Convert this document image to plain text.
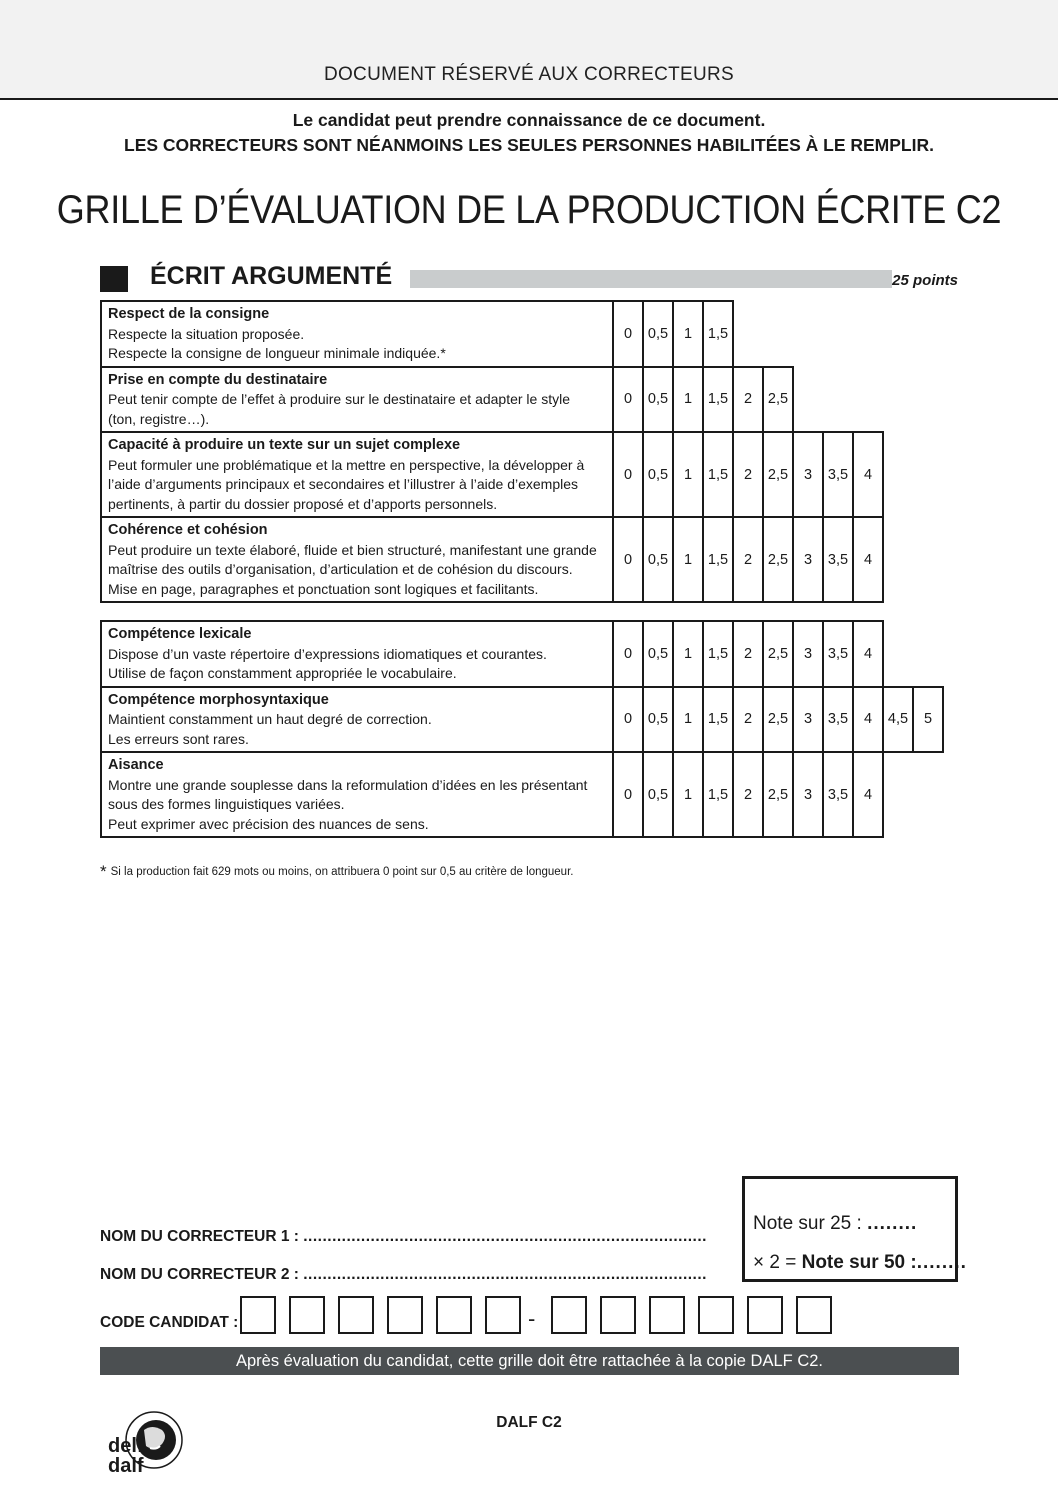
DOCUMENT RÉSERVÉ AUX CORRECTEURS
Le candidat peut prendre connaissance de ce document.
LES CORRECTEURS SONT NÉANMOINS LES SEULES PERSONNES HABILITÉES À LE REMPLIR.
GRILLE D’ÉVALUATION DE LA PRODUCTION ÉCRITE C2
ÉCRIT ARGUMENTÉ	25 points
Respect de la consigne
Respecte la situation proposée.
Respecte la consigne de longueur minimale indiquée.*	0	0,5	1	1,5							

Prise en compte du destinataire
Peut tenir compte de l’effet à produire sur le destinataire et adapter le style
(ton, registre…).	0	0,5	1	1,5	2	2,5					

Capacité à produire un texte sur un sujet complexe
Peut formuler une problématique et la mettre en perspective, la développer à
l’aide d’arguments principaux et secondaires et l’illustrer à l’aide d’exemples
pertinents, à partir du dossier proposé et d’apports personnels.	0	0,5	1	1,5	2	2,5	3	3,5	4		

Cohérence et cohésion
Peut produire un texte élaboré, fluide et bien structuré, manifestant une grande
maîtrise des outils d’organisation, d’articulation et de cohésion du discours.
Mise en page, paragraphes et ponctuation sont logiques et facilitants.	0	0,5	1	1,5	2	2,5	3	3,5	4		
Compétence lexicale
Dispose d’un vaste répertoire d’expressions idiomatiques et courantes.
Utilise de façon constamment appropriée le vocabulaire.	0	0,5	1	1,5	2	2,5	3	3,5	4		

Compétence morphosyntaxique
Maintient constamment un haut degré de correction.
Les erreurs sont rares.	0	0,5	1	1,5	2	2,5	3	3,5	4	4,5	5

Aisance
Montre une grande souplesse dans la reformulation d’idées en les présentant
sous des formes linguistiques variées.
Peut exprimer avec précision des nuances de sens.	0	0,5	1	1,5	2	2,5	3	3,5	4		
* Si la production fait 629 mots ou moins, on attribuera 0 point sur 0,5 au critère de longueur.
Note sur 25 : ........
× 2 = Note sur 50 :........
NOM DU CORRECTEUR 1 : ....................................................................................
NOM DU CORRECTEUR 2 : ....................................................................................
CODE CANDIDAT :	-
Après évaluation du candidat, cette grille doit être rattachée à la copie DALF C2.
delf
dalf
DALF C2
